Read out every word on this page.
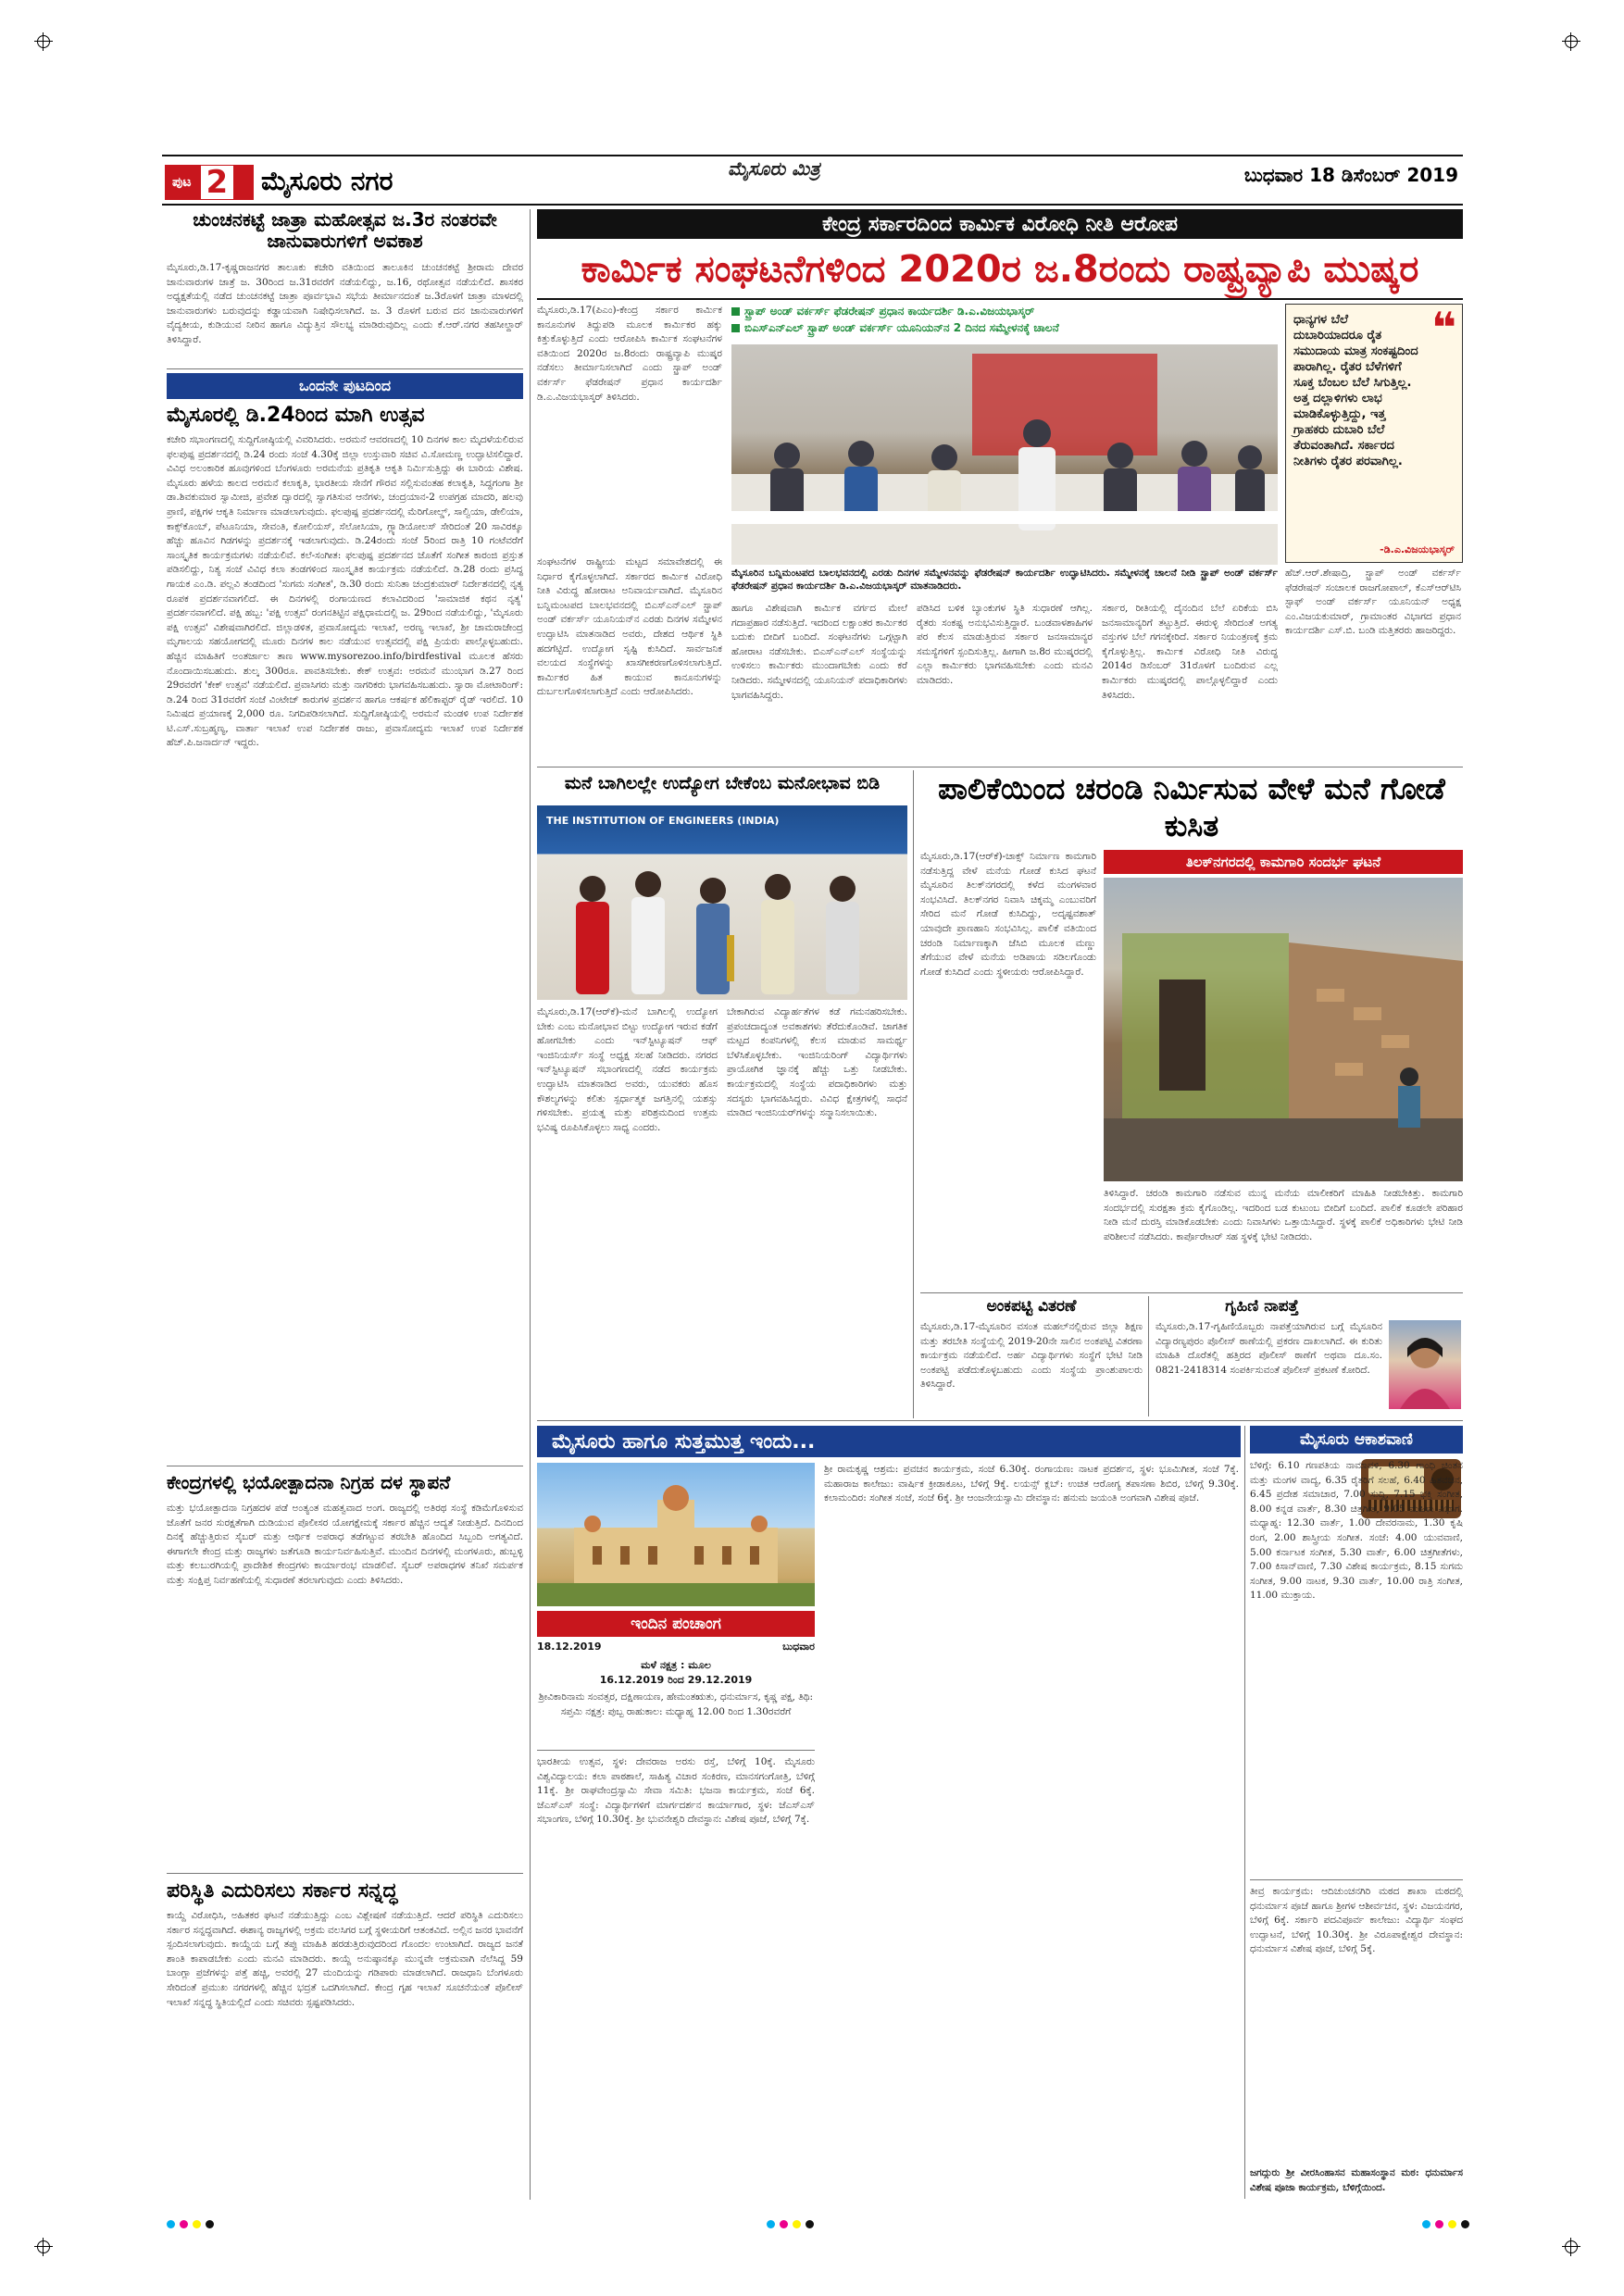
ಪುಟ 2 ಮೈಸೂರು ನಗರ	ಮೈಸೂರು ಮಿತ್ರ	ಬುಧವಾರ 18 ಡಿಸೆಂಬರ್ 2019
ಚುಂಚನಕಟ್ಟೆ ಜಾತ್ರಾ ಮಹೋತ್ಸವ ಜ.3ರ ನಂತರವೇ ಜಾನುವಾರುಗಳಿಗೆ ಅವಕಾಶ
ಮೈಸೂರು,ಡಿ.17-ಕೃಷ್ಣರಾಜನಗರ ತಾಲೂಕು ಕಚೇರಿ ವತಿಯಿಂದ ತಾಲೂಕಿನ ಚುಂಚನಕಟ್ಟೆ ಶ್ರೀರಾಮ ದೇವರ ಜಾನುವಾರುಗಳ ಜಾತ್ರೆ ಜ. 30ರಿಂದ ಜ.31ರವರೆಗೆ ನಡೆಯಲಿದ್ದು, ಜ.16, ರಥೋತ್ಸವ ನಡೆಯಲಿದೆ. ಶಾಸಕರ ಅಧ್ಯಕ್ಷತೆಯಲ್ಲಿ ನಡೆದ ಚುಂಚನಕಟ್ಟೆ ಜಾತ್ರಾ ಪೂರ್ವಭಾವಿ ಸಭೆಯ ತೀರ್ಮಾನದಂತೆ ಜ.3ರೊಳಗೆ ಜಾತ್ರಾ ಮಾಳದಲ್ಲಿ ಜಾನುವಾರುಗಳು ಬರುವುದನ್ನು ಕಡ್ಡಾಯವಾಗಿ ನಿಷೇಧಿಸಲಾಗಿದೆ. ಜ. 3 ರೊಳಗೆ ಬರುವ ದನ ಜಾನುವಾರುಗಳಿಗೆ ವೈದ್ಯಕೀಯ, ಕುಡಿಯುವ ನೀರಿನ ಹಾಗೂ ವಿದ್ಯುತ್ತಿನ ಸೌಲಭ್ಯ ಮಾಡಿರುವುದಿಲ್ಲ ಎಂದು ಕೆ.ಆರ್.ನಗರ ತಹಸೀಲ್ದಾರ್ ತಿಳಿಸಿದ್ದಾರೆ.
ಒಂದನೇ ಪುಟದಿಂದ
ಮೈಸೂರಲ್ಲಿ ಡಿ.24ರಿಂದ ಮಾಗಿ ಉತ್ಸವ
ಕಚೇರಿ ಸಭಾಂಗಣದಲ್ಲಿ ಸುದ್ದಿಗೋಷ್ಠಿಯಲ್ಲಿ ವಿವರಿಸಿದರು. ಅರಮನೆ ಆವರಣದಲ್ಲಿ 10 ದಿನಗಳ ಕಾಲ ಮೈದಳೆಯಲಿರುವ ಫಲಪುಷ್ಪ ಪ್ರದರ್ಶನದಲ್ಲಿ ಡಿ.24 ರಂದು ಸಂಜೆ 4.30ಕ್ಕೆ ಜಿಲ್ಲಾ ಉಸ್ತುವಾರಿ ಸಚಿವ ವಿ.ಸೋಮಣ್ಣ ಉದ್ಘಾಟಿಸಲಿದ್ದಾರೆ. ವಿವಿಧ ಅಲಂಕಾರಿಕ ಹೂವುಗಳಿಂದ ಬೆಂಗಳೂರು ಅರಮನೆಯ ಪ್ರತಿಕೃತಿ ಆಕೃತಿ ನಿರ್ಮಿಸುತ್ತಿದ್ದು ಈ ಬಾರಿಯ ವಿಶೇಷ. ಮೈಸೂರು ಹಳೆಯ ಕಾಲದ ಅರಮನೆ ಕಲಾಕೃತಿ, ಭಾರತೀಯ ಸೇನೆಗೆ ಗೌರವ ಸಲ್ಲಿಸುವಂತಹ ಕಲಾಕೃತಿ, ಸಿದ್ದಗಂಗಾ ಶ್ರೀ ಡಾ.ಶಿವಕುಮಾರ ಸ್ವಾಮೀಜಿ, ಪ್ರವೇಶ ದ್ವಾರದಲ್ಲಿ ಸ್ವಾಗತಿಸುವ ಆನೆಗಳು, ಚಂದ್ರಯಾನ-2 ಉಪಗ್ರಹ ಮಾದರಿ, ಹಲವು ಪ್ರಾಣಿ, ಪಕ್ಷಿಗಳ ಆಕೃತಿ ನಿರ್ಮಾಣ ಮಾಡಲಾಗುವುದು. ಫಲಪುಷ್ಪ ಪ್ರದರ್ಶನದಲ್ಲಿ ಮೆರಿಗೋಲ್ಡ್, ಸಾಲ್ವಿಯಾ, ಡೇಲಿಯಾ, ಕಾಕ್ಸ್‌ಕೊಂಬ್, ಪೆಟೂನಿಯಾ, ಸೇವಂತಿ, ಕೋಲಿಯಸ್, ಸೆಲೋಸಿಯಾ, ಗ್ಲ್ಯಾಡಿಯೋಲಸ್ ಸೇರಿದಂತೆ 20 ಸಾವಿರಕ್ಕೂ ಹೆಚ್ಚು ಹೂವಿನ ಗಿಡಗಳನ್ನು ಪ್ರದರ್ಶನಕ್ಕೆ ಇಡಲಾಗುವುದು. ಡಿ.24ರಂದು ಸಂಜೆ 5ರಿಂದ ರಾತ್ರಿ 10 ಗಂಟೆವರೆಗೆ ಸಾಂಸ್ಕೃತಿಕ ಕಾರ್ಯಕ್ರಮಗಳು ನಡೆಯಲಿವೆ. ಕಲೆ-ಸಂಗೀತ: ಫಲಪುಷ್ಪ ಪ್ರದರ್ಶನದ ಜೊತೆಗೆ ಸಂಗೀತ ಕಾರಂಜಿ ಪ್ರಸ್ತುತ ಪಡಿಸಲಿದ್ದು, ನಿತ್ಯ ಸಂಜೆ ವಿವಿಧ ಕಲಾ ತಂಡಗಳಿಂದ ಸಾಂಸ್ಕೃತಿಕ ಕಾರ್ಯಕ್ರಮ ನಡೆಯಲಿದೆ. ಡಿ.28 ರಂದು ಪ್ರಸಿದ್ಧ ಗಾಯಕ ಎಂ.ಡಿ. ಪಲ್ಲವಿ ತಂಡದಿಂದ 'ಸುಗಮ ಸಂಗೀತ', ಡಿ.30 ರಂದು ಸುನಿತಾ ಚಂದ್ರಕುಮಾರ್ ನಿರ್ದೇಶನದಲ್ಲಿ ನೃತ್ಯ ರೂಪಕ ಪ್ರದರ್ಶನವಾಗಲಿದೆ. ಈ ದಿನಗಳಲ್ಲಿ ರಂಗಾಯಣದ ಕಲಾವಿದರಿಂದ 'ಸಾಮಾಜಿಕ ಕಥನ ನೃತ್ಯ' ಪ್ರದರ್ಶನವಾಗಲಿದೆ. ಪಕ್ಷಿ ಹಬ್ಬ: 'ಪಕ್ಷಿ ಉತ್ಸವ' ರಂಗನತಿಟ್ಟಿನ ಪಕ್ಷಿಧಾಮದಲ್ಲಿ ಜ. 29ರಿಂದ ನಡೆಯಲಿದ್ದು, 'ಮೈಸೂರು ಪಕ್ಷಿ ಉತ್ಸವ' ವಿಶೇಷವಾಗಿರಲಿದೆ. ಜಿಲ್ಲಾಡಳಿತ, ಪ್ರವಾಸೋದ್ಯಮ ಇಲಾಖೆ, ಅರಣ್ಯ ಇಲಾಖೆ, ಶ್ರೀ ಚಾಮರಾಜೇಂದ್ರ ಮೃಗಾಲಯ ಸಹಯೋಗದಲ್ಲಿ ಮೂರು ದಿನಗಳ ಕಾಲ ನಡೆಯುವ ಉತ್ಸವದಲ್ಲಿ ಪಕ್ಷಿ ಪ್ರಿಯರು ಪಾಲ್ಗೊಳ್ಳಬಹುದು. ಹೆಚ್ಚಿನ ಮಾಹಿತಿಗೆ ಅಂತರ್ಜಾಲ ತಾಣ www.mysorezoo.info/birdfestival ಮೂಲಕ ಹೆಸರು ನೊಂದಾಯಿಸಬಹುದು. ಶುಲ್ಕ 300ರೂ. ಪಾವತಿಸಬೇಕು. ಕೇಕ್ ಉತ್ಸವ: ಅರಮನೆ ಮುಂಭಾಗ ಡಿ.27 ರಿಂದ 29ರವರೆಗೆ 'ಕೇಕ್ ಉತ್ಸವ' ನಡೆಯಲಿದೆ. ಪ್ರವಾಸಿಗರು ಮತ್ತು ನಾಗರಿಕರು ಭಾಗವಹಿಸಬಹುದು. ಸ್ವಾರಾ ಮೋಟಾರಿಂಗ್: ಡಿ.24 ರಿಂದ 31ರವರೆಗೆ ಸಂಜೆ ವಿಂಟೇಜ್ ಕಾರುಗಳ ಪ್ರದರ್ಶನ ಹಾಗೂ ಆಕರ್ಷಕ ಹೆಲಿಕಾಪ್ಟರ್ ರೈಡ್ ಇರಲಿದೆ. 10 ನಿಮಿಷದ ಪ್ರಯಾಣಕ್ಕೆ 2,000 ರೂ. ನಿಗದಿಪಡಿಸಲಾಗಿದೆ. ಸುದ್ದಿಗೋಷ್ಠಿಯಲ್ಲಿ ಅರಮನೆ ಮಂಡಳಿ ಉಪ ನಿರ್ದೇಶಕ ಟಿ.ಎಸ್.ಸುಬ್ರಹ್ಮಣ್ಯ, ವಾರ್ತಾ ಇಲಾಖೆ ಉಪ ನಿರ್ದೇಶಕ ರಾಜು, ಪ್ರವಾಸೋದ್ಯಮ ಇಲಾಖೆ ಉಪ ನಿರ್ದೇಶಕ ಹೆಚ್.ಪಿ.ಜನಾರ್ದನ್ ಇದ್ದರು.
ಕೇಂದ್ರಗಳಲ್ಲಿ ಭಯೋತ್ಪಾದನಾ ನಿಗ್ರಹ ದಳ ಸ್ಥಾಪನೆ
ಮತ್ತು ಭಯೋತ್ಪಾದನಾ ನಿಗ್ರಹದಳ ಪಡೆ ಅಂತ್ಯಂತ ಮಹತ್ವವಾದ ಅಂಗ. ರಾಜ್ಯದಲ್ಲಿ ಅತಿರಥ ಸಂಸ್ಥೆ ಕಡಿಮೆಗೊಳಿಸುವ ಜೊತೆಗೆ ಜನರ ಸುರಕ್ಷತೆಗಾಗಿ ದುಡಿಯುವ ಪೊಲೀಸರ ಯೋಗಕ್ಷೇಮಕ್ಕೆ ಸರ್ಕಾರ ಹೆಚ್ಚಿನ ಆದ್ಯತೆ ನೀಡುತ್ತಿದೆ. ದಿನದಿಂದ ದಿನಕ್ಕೆ ಹೆಚ್ಚುತ್ತಿರುವ ಸೈಬರ್ ಮತ್ತು ಆರ್ಥಿಕ ಅಪರಾಧ ತಡೆಗಟ್ಟುವ ತರಬೇತಿ ಹೊಂದಿದ ಸಿಬ್ಬಂದಿ ಅಗತ್ಯವಿದೆ. ಈಗಾಗಲೇ ಕೇಂದ್ರ ಮತ್ತು ರಾಜ್ಯಗಳು ಜತೆಗೂಡಿ ಕಾರ್ಯನಿರ್ವಹಿಸುತ್ತಿವೆ. ಮುಂದಿನ ದಿನಗಳಲ್ಲಿ ಮಂಗಳೂರು, ಹುಬ್ಬಳ್ಳಿ ಮತ್ತು ಕಲಬುರಗಿಯಲ್ಲಿ ಪ್ರಾದೇಶಿಕ ಕೇಂದ್ರಗಳು ಕಾರ್ಯಾರಂಭ ಮಾಡಲಿವೆ. ಸೈಬರ್ ಅಪರಾಧಗಳ ತನಿಖೆ ಸಮರ್ಪಕ ಮತ್ತು ಸಂಕ್ಷಿಪ್ತ ನಿರ್ವಹಣೆಯಲ್ಲಿ ಸುಧಾರಣೆ ತರಲಾಗುವುದು ಎಂದು ತಿಳಿಸಿದರು.
ಪರಿಸ್ಥಿತಿ ಎದುರಿಸಲು ಸರ್ಕಾರ ಸನ್ನದ್ಧ
ಕಾಯ್ದೆ ವಿರೋಧಿಸಿ, ಅಹಿತಕರ ಘಟನೆ ನಡೆಯುತ್ತಿದ್ದು ಎಂಬ ವಿಶ್ಲೇಷಣೆ ನಡೆಯುತ್ತಿದೆ. ಆದರೆ ಪರಿಸ್ಥಿತಿ ಎದುರಿಸಲು ಸರ್ಕಾರ ಸನ್ನದ್ಧವಾಗಿದೆ. ಈಶಾನ್ಯ ರಾಜ್ಯಗಳಲ್ಲಿ ಅಕ್ರಮ ವಲಸಿಗರ ಬಗ್ಗೆ ಸ್ಥಳೀಯರಿಗೆ ಆತಂಕವಿದೆ. ಅಲ್ಲಿನ ಜನರ ಭಾವನೆಗೆ ಸ್ಪಂದಿಸಲಾಗುವುದು. ಕಾಯ್ದೆಯ ಬಗ್ಗೆ ತಪ್ಪು ಮಾಹಿತಿ ಹರಡುತ್ತಿರುವುದರಿಂದ ಗೊಂದಲ ಉಂಟಾಗಿದೆ. ರಾಜ್ಯದ ಜನತೆ ಶಾಂತಿ ಕಾಪಾಡಬೇಕು ಎಂದು ಮನವಿ ಮಾಡಿದರು. ಕಾಯ್ದೆ ಅನುಷ್ಠಾನಕ್ಕೂ ಮುನ್ನವೇ ಅಕ್ರಮವಾಗಿ ನೆಲೆಸಿದ್ದ 59 ಬಾಂಗ್ಲಾ ಪ್ರಜೆಗಳನ್ನು ಪತ್ತೆ ಹಚ್ಚಿ, ಅವರಲ್ಲಿ 27 ಮಂದಿಯನ್ನು ಗಡಿಪಾರು ಮಾಡಲಾಗಿದೆ. ರಾಜಧಾನಿ ಬೆಂಗಳೂರು ಸೇರಿದಂತೆ ಪ್ರಮುಖ ನಗರಗಳಲ್ಲಿ ಹೆಚ್ಚಿನ ಭದ್ರತೆ ಒದಗಿಸಲಾಗಿದೆ. ಕೇಂದ್ರ ಗೃಹ ಇಲಾಖೆ ಸೂಚನೆಯಂತೆ ಪೊಲೀಸ್ ಇಲಾಖೆ ಸನ್ನದ್ಧ ಸ್ಥಿತಿಯಲ್ಲಿದೆ ಎಂದು ಸಚಿವರು ಸ್ಪಷ್ಟಪಡಿಸಿದರು.
ಕೇಂದ್ರ ಸರ್ಕಾರದಿಂದ ಕಾರ್ಮಿಕ ವಿರೋಧಿ ನೀತಿ ಆರೋಪ
ಕಾರ್ಮಿಕ ಸಂಘಟನೆಗಳಿಂದ 2020ರ ಜ.8ರಂದು ರಾಷ್ಟ್ರವ್ಯಾಪಿ ಮುಷ್ಕರ
ಮೈಸೂರು,ಡಿ.17(ಪಿಎಂ)-ಕೇಂದ್ರ ಸರ್ಕಾರ ಕಾರ್ಮಿಕ ಕಾನೂನುಗಳ ತಿದ್ದುಪಡಿ ಮೂಲಕ ಕಾರ್ಮಿಕರ ಹಕ್ಕು ಕಿತ್ತುಕೊಳ್ಳುತ್ತಿದೆ ಎಂದು ಆರೋಪಿಸಿ ಕಾರ್ಮಿಕ ಸಂಘಟನೆಗಳ ವತಿಯಿಂದ 2020ರ ಜ.8ರಂದು ರಾಷ್ಟ್ರವ್ಯಾಪಿ ಮುಷ್ಕರ ನಡೆಸಲು ತೀರ್ಮಾನಿಸಲಾಗಿದೆ ಎಂದು ಸ್ಟ್ರಾಪ್ ಅಂಡ್ ವರ್ಕರ್ಸ್ ಫೆಡರೇಷನ್ ಪ್ರಧಾನ ಕಾರ್ಯದರ್ಶಿ ಡಿ.ಎ.ವಿಜಯಭಾಸ್ಕರ್ ತಿಳಿಸಿದರು.
ಸ್ಟ್ರಾಪ್ ಅಂಡ್ ವರ್ಕರ್ಸ್ ಫೆಡರೇಷನ್ ಪ್ರಧಾನ ಕಾರ್ಯದರ್ಶಿ ಡಿ.ಎ.ವಿಜಯಭಾಸ್ಕರ್
ಬಿಎಸ್‌ಎನ್‌ಎಲ್ ಸ್ಟ್ರಾಪ್ ಅಂಡ್ ವರ್ಕರ್ಸ್ ಯೂನಿಯನ್‌ನ 2 ದಿನದ ಸಮ್ಮೇಳನಕ್ಕೆ ಚಾಲನೆ
ಮೈಸೂರಿನ ಬನ್ನಿಮಂಟಪದ ಬಾಲಭವನದಲ್ಲಿ ಎರಡು ದಿನಗಳ ಸಮ್ಮೇಳನವನ್ನು ಫೆಡರೇಷನ್ ಕಾರ್ಯದರ್ಶಿ ಉದ್ಘಾಟಿಸಿದರು. ಸಮ್ಮೇಳನಕ್ಕೆ ಚಾಲನೆ ನೀಡಿ ಸ್ಟ್ರಾಪ್ ಅಂಡ್ ವರ್ಕರ್ಸ್ ಫೆಡರೇಷನ್ ಪ್ರಧಾನ ಕಾರ್ಯದರ್ಶಿ ಡಿ.ಎ.ವಿಜಯಭಾಸ್ಕರ್ ಮಾತನಾಡಿದರು.
❝
ಧಾನ್ಯಗಳ ಬೆಲೆ ದುಬಾರಿಯಾದರೂ ರೈತ ಸಮುದಾಯ ಮಾತ್ರ ಸಂಕಷ್ಟದಿಂದ ಪಾರಾಗಿಲ್ಲ. ರೈತರ ಬೆಳೆಗಳಿಗೆ ಸೂಕ್ತ ಬೆಂಬಲ ಬೆಲೆ ಸಿಗುತ್ತಿಲ್ಲ. ಅತ್ತ ದಲ್ಲಾಳಿಗಳು ಲಾಭ ಮಾಡಿಕೊಳ್ಳುತ್ತಿದ್ದು, ಇತ್ತ ಗ್ರಾಹಕರು ದುಬಾರಿ ಬೆಲೆ ತೆರುವಂತಾಗಿದೆ. ಸರ್ಕಾರದ ನೀತಿಗಳು ರೈತರ ಪರವಾಗಿಲ್ಲ.
-ಡಿ.ಎ.ವಿಜಯಭಾಸ್ಕರ್
ಹೆಚ್.ಆರ್.ಶೇಷಾದ್ರಿ, ಸ್ಟ್ರಾಪ್ ಅಂಡ್ ವರ್ಕರ್ಸ್ ಫೆಡರೇಷನ್ ಸಂಚಾಲಕ ರಾಜಗೋಪಾಲ್, ಕೆಎಸ್‌ಆರ್‌ಟಿಸಿ ಸ್ಟಾಫ್ ಅಂಡ್ ವರ್ಕರ್ಸ್ ಯೂನಿಯನ್ ಅಧ್ಯಕ್ಷ ಎಂ.ವಿಜಯಕುಮಾರ್, ಗ್ರಾಮಾಂತರ ವಿಭಾಗದ ಪ್ರಧಾನ ಕಾರ್ಯದರ್ಶಿ ಎಸ್.ಬಿ. ಬಂಡಿ ಮತ್ತಿತರರು ಹಾಜರಿದ್ದರು.
ಸಂಘಟನೆಗಳ ರಾಷ್ಟ್ರೀಯ ಮಟ್ಟದ ಸಮಾವೇಶದಲ್ಲಿ ಈ ನಿರ್ಧಾರ ಕೈಗೊಳ್ಳಲಾಗಿದೆ. ಸರ್ಕಾರದ ಕಾರ್ಮಿಕ ವಿರೋಧಿ ನೀತಿ ವಿರುದ್ಧ ಹೋರಾಟ ಅನಿವಾರ್ಯವಾಗಿದೆ. ಮೈಸೂರಿನ ಬನ್ನಿಮಂಟಪದ ಬಾಲಭವನದಲ್ಲಿ ಬಿಎಸ್‌ಎನ್‌ಎಲ್ ಸ್ಟ್ರಾಪ್ ಅಂಡ್ ವರ್ಕರ್ಸ್ ಯೂನಿಯನ್‌ನ ಎರಡು ದಿನಗಳ ಸಮ್ಮೇಳನ ಉದ್ಘಾಟಿಸಿ ಮಾತನಾಡಿದ ಅವರು, ದೇಶದ ಆರ್ಥಿಕ ಸ್ಥಿತಿ ಹದಗೆಟ್ಟಿದೆ. ಉದ್ಯೋಗ ಸೃಷ್ಟಿ ಕುಸಿದಿದೆ. ಸಾರ್ವಜನಿಕ ವಲಯದ ಸಂಸ್ಥೆಗಳನ್ನು ಖಾಸಗೀಕರಣಗೊಳಿಸಲಾಗುತ್ತಿದೆ. ಕಾರ್ಮಿಕರ ಹಿತ ಕಾಯುವ ಕಾನೂನುಗಳನ್ನು ದುರ್ಬಲಗೊಳಿಸಲಾಗುತ್ತಿದೆ ಎಂದು ಆರೋಪಿಸಿದರು.
ಹಾಗೂ ವಿಶೇಷವಾಗಿ ಕಾರ್ಮಿಕ ವರ್ಗದ ಮೇಲೆ ಗದಾಪ್ರಹಾರ ನಡೆಸುತ್ತಿದೆ. ಇದರಿಂದ ಲಕ್ಷಾಂತರ ಕಾರ್ಮಿಕರ ಬದುಕು ಬೀದಿಗೆ ಬಂದಿದೆ. ಸಂಘಟನೆಗಳು ಒಗ್ಗಟ್ಟಾಗಿ ಹೋರಾಟ ನಡೆಸಬೇಕು. ಬಿಎಸ್‌ಎನ್‌ಎಲ್ ಸಂಸ್ಥೆಯನ್ನು ಉಳಿಸಲು ಕಾರ್ಮಿಕರು ಮುಂದಾಗಬೇಕು ಎಂದು ಕರೆ ನೀಡಿದರು. ಸಮ್ಮೇಳನದಲ್ಲಿ ಯೂನಿಯನ್ ಪದಾಧಿಕಾರಿಗಳು ಭಾಗವಹಿಸಿದ್ದರು.
ಪಡಿಸಿದ ಬಳಿಕ ಬ್ಯಾಂಕುಗಳ ಸ್ಥಿತಿ ಸುಧಾರಣೆ ಆಗಿಲ್ಲ. ರೈತರು ಸಂಕಷ್ಟ ಅನುಭವಿಸುತ್ತಿದ್ದಾರೆ. ಬಂಡವಾಳಶಾಹಿಗಳ ಪರ ಕೆಲಸ ಮಾಡುತ್ತಿರುವ ಸರ್ಕಾರ ಜನಸಾಮಾನ್ಯರ ಸಮಸ್ಯೆಗಳಿಗೆ ಸ್ಪಂದಿಸುತ್ತಿಲ್ಲ. ಹೀಗಾಗಿ ಜ.8ರ ಮುಷ್ಕರದಲ್ಲಿ ಎಲ್ಲಾ ಕಾರ್ಮಿಕರು ಭಾಗವಹಿಸಬೇಕು ಎಂದು ಮನವಿ ಮಾಡಿದರು.
ಸರ್ಕಾರ, ರೀತಿಯಲ್ಲಿ ದೈನಂದಿನ ಬೆಲೆ ಏರಿಕೆಯ ಬಿಸಿ ಜನಸಾಮಾನ್ಯರಿಗೆ ತಟ್ಟುತ್ತಿದೆ. ಈರುಳ್ಳಿ ಸೇರಿದಂತೆ ಅಗತ್ಯ ವಸ್ತುಗಳ ಬೆಲೆ ಗಗನಕ್ಕೇರಿದೆ. ಸರ್ಕಾರ ನಿಯಂತ್ರಣಕ್ಕೆ ಕ್ರಮ ಕೈಗೊಳ್ಳುತ್ತಿಲ್ಲ. ಕಾರ್ಮಿಕ ವಿರೋಧಿ ನೀತಿ ವಿರುದ್ಧ 2014ರ ಡಿಸೆಂಬರ್ 31ರೊಳಗೆ ಬಂದಿರುವ ಎಲ್ಲ ಕಾರ್ಮಿಕರು ಮುಷ್ಕರದಲ್ಲಿ ಪಾಲ್ಗೊಳ್ಳಲಿದ್ದಾರೆ ಎಂದು ತಿಳಿಸಿದರು.
ಮನೆ ಬಾಗಿಲಲ್ಲೇ ಉದ್ಯೋಗ ಬೇಕೆಂಬ ಮನೋಭಾವ ಬಿಡಿ
THE INSTITUTION OF ENGINEERS (INDIA)
ಮೈಸೂರು,ಡಿ.17(ಆರ್‌ಕೆ)-ಮನೆ ಬಾಗಿಲಲ್ಲಿ ಉದ್ಯೋಗ ಬೇಕು ಎಂಬ ಮನೋಭಾವ ಬಿಟ್ಟು ಉದ್ಯೋಗ ಇರುವ ಕಡೆಗೆ ಹೋಗಬೇಕು ಎಂದು ಇನ್‌ಸ್ಟಿಟ್ಯೂಷನ್ ಆಫ್ ಇಂಜಿನಿಯರ್ಸ್ ಸಂಸ್ಥೆ ಅಧ್ಯಕ್ಷ ಸಲಹೆ ನೀಡಿದರು. ನಗರದ ಇನ್‌ಸ್ಟಿಟ್ಯೂಷನ್ ಸಭಾಂಗಣದಲ್ಲಿ ನಡೆದ ಕಾರ್ಯಕ್ರಮ ಉದ್ಘಾಟಿಸಿ ಮಾತನಾಡಿದ ಅವರು, ಯುವಕರು ಹೊಸ ಕೌಶಲ್ಯಗಳನ್ನು ಕಲಿತು ಸ್ಪರ್ಧಾತ್ಮಕ ಜಗತ್ತಿನಲ್ಲಿ ಯಶಸ್ಸು ಗಳಿಸಬೇಕು. ಪ್ರಯತ್ನ ಮತ್ತು ಪರಿಶ್ರಮದಿಂದ ಉತ್ತಮ ಭವಿಷ್ಯ ರೂಪಿಸಿಕೊಳ್ಳಲು ಸಾಧ್ಯ ಎಂದರು.
ಬೇಕಾಗಿರುವ ವಿದ್ಯಾರ್ಹತೆಗಳ ಕಡೆ ಗಮನಹರಿಸಬೇಕು. ಪ್ರಪಂಚದಾದ್ಯಂತ ಅವಕಾಶಗಳು ತೆರೆದುಕೊಂಡಿವೆ. ಜಾಗತಿಕ ಮಟ್ಟದ ಕಂಪನಿಗಳಲ್ಲಿ ಕೆಲಸ ಮಾಡುವ ಸಾಮರ್ಥ್ಯ ಬೆಳೆಸಿಕೊಳ್ಳಬೇಕು. ಇಂಜಿನಿಯರಿಂಗ್ ವಿದ್ಯಾರ್ಥಿಗಳು ಪ್ರಾಯೋಗಿಕ ಜ್ಞಾನಕ್ಕೆ ಹೆಚ್ಚು ಒತ್ತು ನೀಡಬೇಕು. ಕಾರ್ಯಕ್ರಮದಲ್ಲಿ ಸಂಸ್ಥೆಯ ಪದಾಧಿಕಾರಿಗಳು ಮತ್ತು ಸದಸ್ಯರು ಭಾಗವಹಿಸಿದ್ದರು. ವಿವಿಧ ಕ್ಷೇತ್ರಗಳಲ್ಲಿ ಸಾಧನೆ ಮಾಡಿದ ಇಂಜಿನಿಯರ್‌ಗಳನ್ನು ಸನ್ಮಾನಿಸಲಾಯಿತು.
ಪಾಲಿಕೆಯಿಂದ ಚರಂಡಿ ನಿರ್ಮಿಸುವ ವೇಳೆ ಮನೆ ಗೋಡೆ ಕುಸಿತ
ಮೈಸೂರು,ಡಿ.17(ಆರ್‌ಕೆ)-ಚಾಕ್ಸ್ ನಿರ್ಮಾಣ ಕಾಮಗಾರಿ ನಡೆಸುತ್ತಿದ್ದ ವೇಳೆ ಮನೆಯ ಗೋಡೆ ಕುಸಿದ ಘಟನೆ ಮೈಸೂರಿನ ತಿಲಕ್‌ನಗರದಲ್ಲಿ ಕಳೆದ ಮಂಗಳವಾರ ಸಂಭವಿಸಿದೆ. ತಿಲಕ್‌ನಗರ ನಿವಾಸಿ ಚಿಕ್ಕಮ್ಮ ಎಂಬುವರಿಗೆ ಸೇರಿದ ಮನೆ ಗೋಡೆ ಕುಸಿದಿದ್ದು, ಅದೃಷ್ಟವಶಾತ್ ಯಾವುದೇ ಪ್ರಾಣಹಾನಿ ಸಂಭವಿಸಿಲ್ಲ. ಪಾಲಿಕೆ ವತಿಯಿಂದ ಚರಂಡಿ ನಿರ್ಮಾಣಕ್ಕಾಗಿ ಜೆಸಿಬಿ ಮೂಲಕ ಮಣ್ಣು ತೆಗೆಯುವ ವೇಳೆ ಮನೆಯ ಅಡಿಪಾಯ ಸಡಿಲಗೊಂಡು ಗೋಡೆ ಕುಸಿದಿದೆ ಎಂದು ಸ್ಥಳೀಯರು ಆರೋಪಿಸಿದ್ದಾರೆ.
ತಿಲಕ್‌ನಗರದಲ್ಲಿ ಕಾಮಗಾರಿ ಸಂದರ್ಭ ಘಟನೆ
ತಿಳಿಸಿದ್ದಾರೆ. ಚರಂಡಿ ಕಾಮಗಾರಿ ನಡೆಸುವ ಮುನ್ನ ಮನೆಯ ಮಾಲೀಕರಿಗೆ ಮಾಹಿತಿ ನೀಡಬೇಕಿತ್ತು. ಕಾಮಗಾರಿ ಸಂದರ್ಭದಲ್ಲಿ ಸುರಕ್ಷತಾ ಕ್ರಮ ಕೈಗೊಂಡಿಲ್ಲ. ಇದರಿಂದ ಬಡ ಕುಟುಂಬ ಬೀದಿಗೆ ಬಂದಿದೆ. ಪಾಲಿಕೆ ಕೂಡಲೇ ಪರಿಹಾರ ನೀಡಿ ಮನೆ ದುರಸ್ತಿ ಮಾಡಿಕೊಡಬೇಕು ಎಂದು ನಿವಾಸಿಗಳು ಒತ್ತಾಯಿಸಿದ್ದಾರೆ. ಸ್ಥಳಕ್ಕೆ ಪಾಲಿಕೆ ಅಧಿಕಾರಿಗಳು ಭೇಟಿ ನೀಡಿ ಪರಿಶೀಲನೆ ನಡೆಸಿದರು. ಕಾರ್ಪೊರೇಟರ್ ಸಹ ಸ್ಥಳಕ್ಕೆ ಭೇಟಿ ನೀಡಿದರು.
ಅಂಕಪಟ್ಟಿ ವಿತರಣೆ
ಮೈಸೂರು,ಡಿ.17-ಮೈಸೂರಿನ ವಸಂತ ಮಹಲ್‌ನಲ್ಲಿರುವ ಜಿಲ್ಲಾ ಶಿಕ್ಷಣ ಮತ್ತು ತರಬೇತಿ ಸಂಸ್ಥೆಯಲ್ಲಿ 2019-20ನೇ ಸಾಲಿನ ಅಂಕಪಟ್ಟಿ ವಿತರಣಾ ಕಾರ್ಯಕ್ರಮ ನಡೆಯಲಿದೆ. ಅರ್ಹ ವಿದ್ಯಾರ್ಥಿಗಳು ಸಂಸ್ಥೆಗೆ ಭೇಟಿ ನೀಡಿ ಅಂಕಪಟ್ಟಿ ಪಡೆದುಕೊಳ್ಳಬಹುದು ಎಂದು ಸಂಸ್ಥೆಯ ಪ್ರಾಂಶುಪಾಲರು ತಿಳಿಸಿದ್ದಾರೆ.
ಗೃಹಿಣಿ ನಾಪತ್ತೆ
ಮೈಸೂರು,ಡಿ.17-ಗೃಹಿಣಿಯೊಬ್ಬರು ನಾಪತ್ತೆಯಾಗಿರುವ ಬಗ್ಗೆ ಮೈಸೂರಿನ ವಿದ್ಯಾರಣ್ಯಪುರಂ ಪೊಲೀಸ್ ಠಾಣೆಯಲ್ಲಿ ಪ್ರಕರಣ ದಾಖಲಾಗಿದೆ. ಈ ಕುರಿತು ಮಾಹಿತಿ ದೊರೆತಲ್ಲಿ ಹತ್ತಿರದ ಪೊಲೀಸ್ ಠಾಣೆಗೆ ಅಥವಾ ದೂ.ಸಂ. 0821-2418314 ಸಂಪರ್ಕಿಸುವಂತೆ ಪೊಲೀಸ್ ಪ್ರಕಟಣೆ ಕೋರಿದೆ.
ಮೈಸೂರು ಹಾಗೂ ಸುತ್ತಮುತ್ತ ಇಂದು...
ಇಂದಿನ ಪಂಚಾಂಗ
18.12.2019	ಬುಧವಾರ
ಮಳೆ ನಕ್ಷತ್ರ : ಮೂಲ
16.12.2019 ರಿಂದ 29.12.2019
ಶ್ರೀವಿಕಾರಿನಾಮ ಸಂವತ್ಸರ, ದಕ್ಷಿಣಾಯಣ, ಹೇಮಂತಋತು, ಧನುರ್ಮಾಸ, ಕೃಷ್ಣ ಪಕ್ಷ, ತಿಥಿ: ಸಪ್ತಮಿ ನಕ್ಷತ್ರ: ಪುಬ್ಬ ರಾಹುಕಾಲ: ಮಧ್ಯಾಹ್ನ 12.00 ರಿಂದ 1.30ರವರೆಗೆ
ಭಾರತೀಯ ಉತ್ಸವ, ಸ್ಥಳ: ದೇವರಾಜ ಅರಸು ರಸ್ತೆ, ಬೆಳಿಗ್ಗೆ 10ಕ್ಕೆ. ಮೈಸೂರು ವಿಶ್ವವಿದ್ಯಾಲಯ: ಕಲಾ ಪಾಠಶಾಲೆ, ಸಾಹಿತ್ಯ ವಿಚಾರ ಸಂಕಿರಣ, ಮಾನಸಗಂಗೋತ್ರಿ, ಬೆಳಿಗ್ಗೆ 11ಕ್ಕೆ. ಶ್ರೀ ರಾಘವೇಂದ್ರಸ್ವಾಮಿ ಸೇವಾ ಸಮಿತಿ: ಭಜನಾ ಕಾರ್ಯಕ್ರಮ, ಸಂಜೆ 6ಕ್ಕೆ. ಜೆಎಸ್‌ಎಸ್ ಸಂಸ್ಥೆ: ವಿದ್ಯಾರ್ಥಿಗಳಿಗೆ ಮಾರ್ಗದರ್ಶನ ಕಾರ್ಯಾಗಾರ, ಸ್ಥಳ: ಜೆಎಸ್‌ಎಸ್ ಸಭಾಂಗಣ, ಬೆಳಿಗ್ಗೆ 10.30ಕ್ಕೆ. ಶ್ರೀ ಭುವನೇಶ್ವರಿ ದೇವಸ್ಥಾನ: ವಿಶೇಷ ಪೂಜೆ, ಬೆಳಿಗ್ಗೆ 7ಕ್ಕೆ.
ಶ್ರೀ ರಾಮಕೃಷ್ಣ ಆಶ್ರಮ: ಪ್ರವಚನ ಕಾರ್ಯಕ್ರಮ, ಸಂಜೆ 6.30ಕ್ಕೆ. ರಂಗಾಯಣ: ನಾಟಕ ಪ್ರದರ್ಶನ, ಸ್ಥಳ: ಭೂಮಿಗೀತ, ಸಂಜೆ 7ಕ್ಕೆ. ಮಹಾರಾಜ ಕಾಲೇಜು: ವಾರ್ಷಿಕ ಕ್ರೀಡಾಕೂಟ, ಬೆಳಿಗ್ಗೆ 9ಕ್ಕೆ. ಲಯನ್ಸ್ ಕ್ಲಬ್: ಉಚಿತ ಆರೋಗ್ಯ ತಪಾಸಣಾ ಶಿಬಿರ, ಬೆಳಿಗ್ಗೆ 9.30ಕ್ಕೆ. ಕಲಾಮಂದಿರ: ಸಂಗೀತ ಸಂಜೆ, ಸಂಜೆ 6ಕ್ಕೆ. ಶ್ರೀ ಆಂಜನೇಯಸ್ವಾಮಿ ದೇವಸ್ಥಾನ: ಹನುಮ ಜಯಂತಿ ಅಂಗವಾಗಿ ವಿಶೇಷ ಪೂಜೆ.
ಮೈಸೂರು ಆಕಾಶವಾಣಿ
ಬೆಳಿಗ್ಗೆ: 6.10 ಗಣಪತಿಯ ನಾಮಾವಳಿ, 6.30 ಗಾಂಧಿ ಚಿಂತನ ಮತ್ತು ಮಂಗಳ ವಾದ್ಯ, 6.35 ರೈತರಿಗೆ ಸಲಹೆ, 6.40 ಹಿತವಚನ, 6.45 ಪ್ರದೇಶ ಸಮಾಚಾರ, 7.00 ಸುದ್ದಿ, 7.15 ಭಕ್ತಿ ಸಂಗೀತ, 8.00 ಕನ್ನಡ ವಾರ್ತೆ, 8.30 ಚಿತ್ರಗೀತೆ, 9.05 ಮಹಿಳಾ ವಿಭಾಗ. ಮಧ್ಯಾಹ್ನ: 12.30 ವಾರ್ತೆ, 1.00 ದೇವರನಾಮ, 1.30 ಕೃಷಿ ರಂಗ, 2.00 ಶಾಸ್ತ್ರೀಯ ಸಂಗೀತ. ಸಂಜೆ: 4.00 ಯುವವಾಣಿ, 5.00 ಕರ್ನಾಟಕ ಸಂಗೀತ, 5.30 ವಾರ್ತೆ, 6.00 ಚಿತ್ರಗೀತೆಗಳು, 7.00 ಕಿಸಾನ್‌ವಾಣಿ, 7.30 ವಿಶೇಷ ಕಾರ್ಯಕ್ರಮ, 8.15 ಸುಗಮ ಸಂಗೀತ, 9.00 ನಾಟಕ, 9.30 ವಾರ್ತೆ, 10.00 ರಾತ್ರಿ ಸಂಗೀತ, 11.00 ಮುಕ್ತಾಯ.
ತೀವ್ರ ಕಾರ್ಯಕ್ರಮ: ಆದಿಚುಂಚನಗಿರಿ ಮಠದ ಶಾಖಾ ಮಠದಲ್ಲಿ ಧನುರ್ಮಾಸ ಪೂಜೆ ಹಾಗೂ ಶ್ರೀಗಳ ಆಶೀರ್ವಚನ, ಸ್ಥಳ: ವಿಜಯನಗರ, ಬೆಳಿಗ್ಗೆ 6ಕ್ಕೆ. ಸರ್ಕಾರಿ ಪದವಿಪೂರ್ವ ಕಾಲೇಜು: ವಿದ್ಯಾರ್ಥಿ ಸಂಘದ ಉದ್ಘಾಟನೆ, ಬೆಳಿಗ್ಗೆ 10.30ಕ್ಕೆ. ಶ್ರೀ ವಿರೂಪಾಕ್ಷೇಶ್ವರ ದೇವಸ್ಥಾನ: ಧನುರ್ಮಾಸ ವಿಶೇಷ ಪೂಜೆ, ಬೆಳಿಗ್ಗೆ 5ಕ್ಕೆ.
ಜಗದ್ಗುರು ಶ್ರೀ ವೀರಸಿಂಹಾಸನ ಮಹಾಸಂಸ್ಥಾನ ಮಠ: ಧನುರ್ಮಾಸ ವಿಶೇಷ ಪೂಜಾ ಕಾರ್ಯಕ್ರಮ, ಬೆಳಿಗ್ಗೆಯಿಂದ.
